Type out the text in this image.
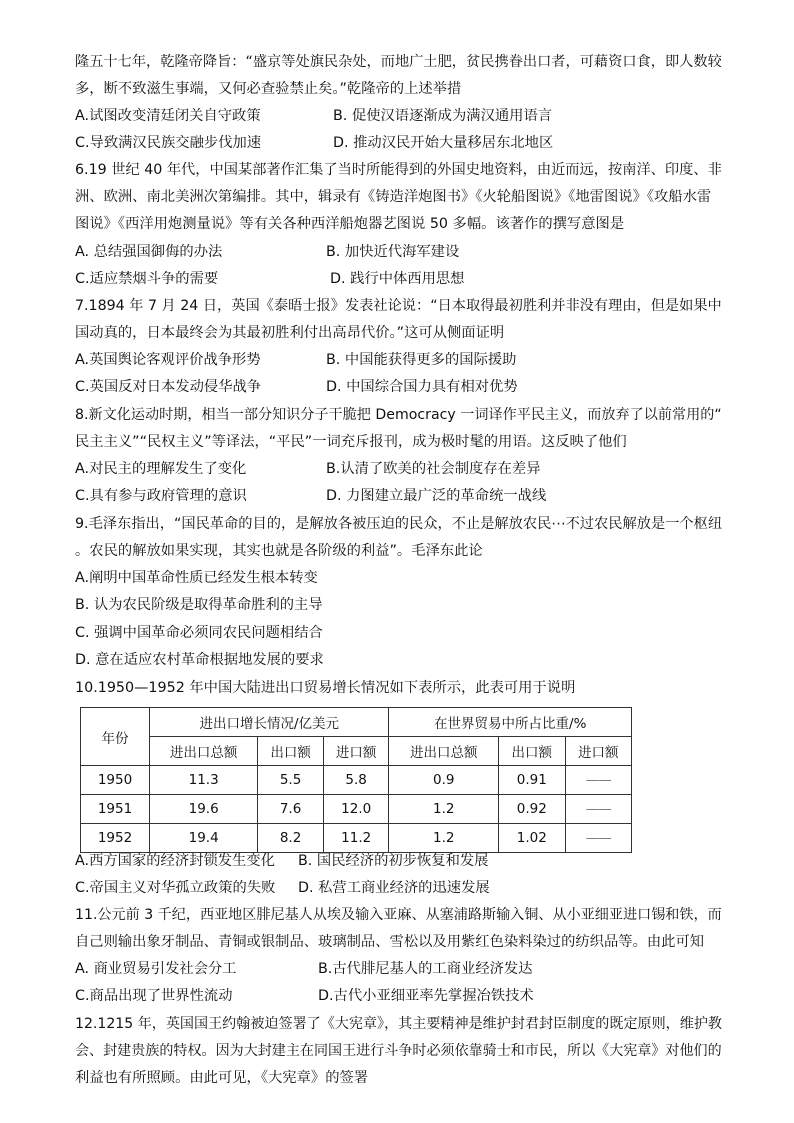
隆五十七年，乾隆帝降旨：“盛京等处旗民杂处，而地广土肥，贫民携眷出口者，可藉资口食，即人数较
多，断不致滋生事端，又何必查验禁止矣。”乾隆帝的上述举措
A.试图改变清廷闭关自守政策	B. 促使汉语逐渐成为满汉通用语言
C.导致满汉民族交融步伐加速	D. 推动汉民开始大量移居东北地区
6.19 世纪 40 年代，中国某部著作汇集了当时所能得到的外国史地资料，由近而远，按南洋、印度、非
洲、欧洲、南北美洲次第编排。其中，辑录有《铸造洋炮图书》《火轮船图说》《地雷图说》《攻船水雷
图说》《西洋用炮测量说》等有关各种西洋船炮器艺图说 50 多幅。该著作的撰写意图是
A. 总结强国御侮的办法	B. 加快近代海军建设
C.适应禁烟斗争的需要	D. 践行中体西用思想
7.1894 年 7 月 24 日，英国《泰晤士报》发表社论说：“日本取得最初胜利并非没有理由，但是如果中
国动真的，日本最终会为其最初胜利付出高昂代价。”这可从侧面证明
A.英国舆论客观评价战争形势	B. 中国能获得更多的国际援助
C.英国反对日本发动侵华战争	D. 中国综合国力具有相对优势
8.新文化运动时期，相当一部分知识分子干脆把 Democracy 一词译作平民主义，而放弃了以前常用的“
民主主义”“民权主义”等译法，“平民”一词充斥报刊，成为极时髦的用语。这反映了他们
A.对民主的理解发生了变化	B.认清了欧美的社会制度存在差异
C.具有参与政府管理的意识	D. 力图建立最广泛的革命统一战线
9.毛泽东指出，“国民革命的目的，是解放各被压迫的民众，不止是解放农民⋯不过农民解放是一个枢纽
。农民的解放如果实现，其实也就是各阶级的利益”。毛泽东此论
A.阐明中国革命性质已经发生根本转变
B. 认为农民阶级是取得革命胜利的主导
C. 强调中国革命必须同农民问题相结合
D. 意在适应农村革命根据地发展的要求
10.1950—1952 年中国大陆进出口贸易增长情况如下表所示，此表可用于说明
年份	进出口增长情况/亿美元			在世界贸易中所占比重/%		
	进出口总额	出口额	进口额	进出口总额	出口额	进口额
1950	11.3	5.5	5.8	0.9	0.91	——
1951	19.6	7.6	12.0	1.2	0.92	——
1952	19.4	8.2	11.2	1.2	1.02	——
A.西方国家的经济封锁发生变化 B. 国民经济的初步恢复和发展
C.帝国主义对华孤立政策的失败 D. 私营工商业经济的迅速发展
11.公元前 3 千纪，西亚地区腓尼基人从埃及输入亚麻、从塞浦路斯输入铜、从小亚细亚进口锡和铁，而
自己则输出象牙制品、青铜或银制品、玻璃制品、雪松以及用紫红色染料染过的纺织品等。由此可知
A. 商业贸易引发社会分工	B.古代腓尼基人的工商业经济发达
C.商品出现了世界性流动	D.古代小亚细亚率先掌握冶铁技术
12.1215 年，英国国王约翰被迫签署了《大宪章》，其主要精神是维护封君封臣制度的既定原则，维护教
会、封建贵族的特权。因为大封建主在同国王进行斗争时必须依靠骑士和市民，所以《大宪章》对他们的
利益也有所照顾。由此可见，《大宪章》的签署
